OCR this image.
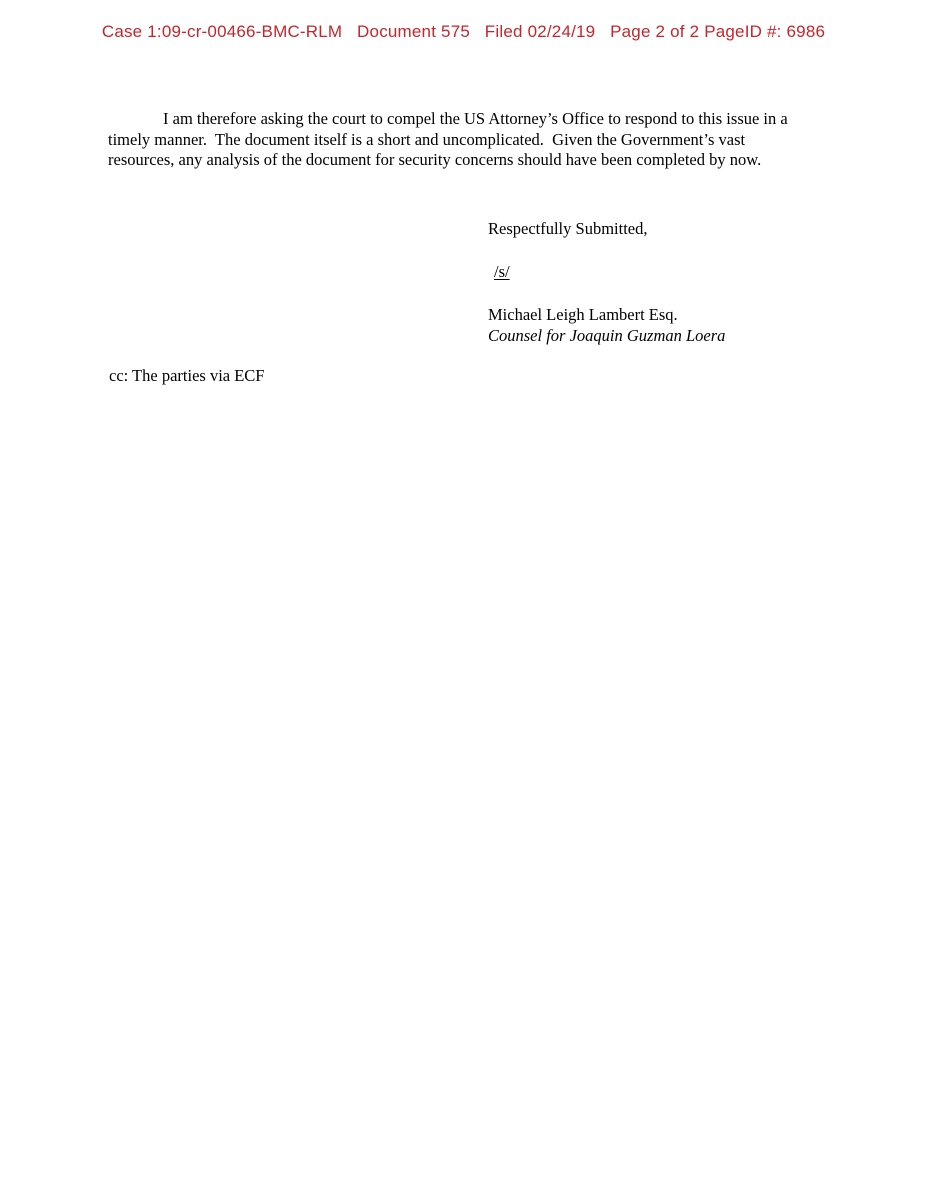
Case 1:09-cr-00466-BMC-RLM   Document 575   Filed 02/24/19   Page 2 of 2 PageID #: 6986

I am therefore asking the court to compel the US Attorney’s Office to respond to this issue in a timely manner.  The document itself is a short and uncomplicated.  Given the Government’s vast resources, any analysis of the document for security concerns should have been completed by now.

Respectfully Submitted,
/s/
Michael Leigh Lambert Esq.
Counsel for Joaquin Guzman Loera
cc: The parties via ECF
